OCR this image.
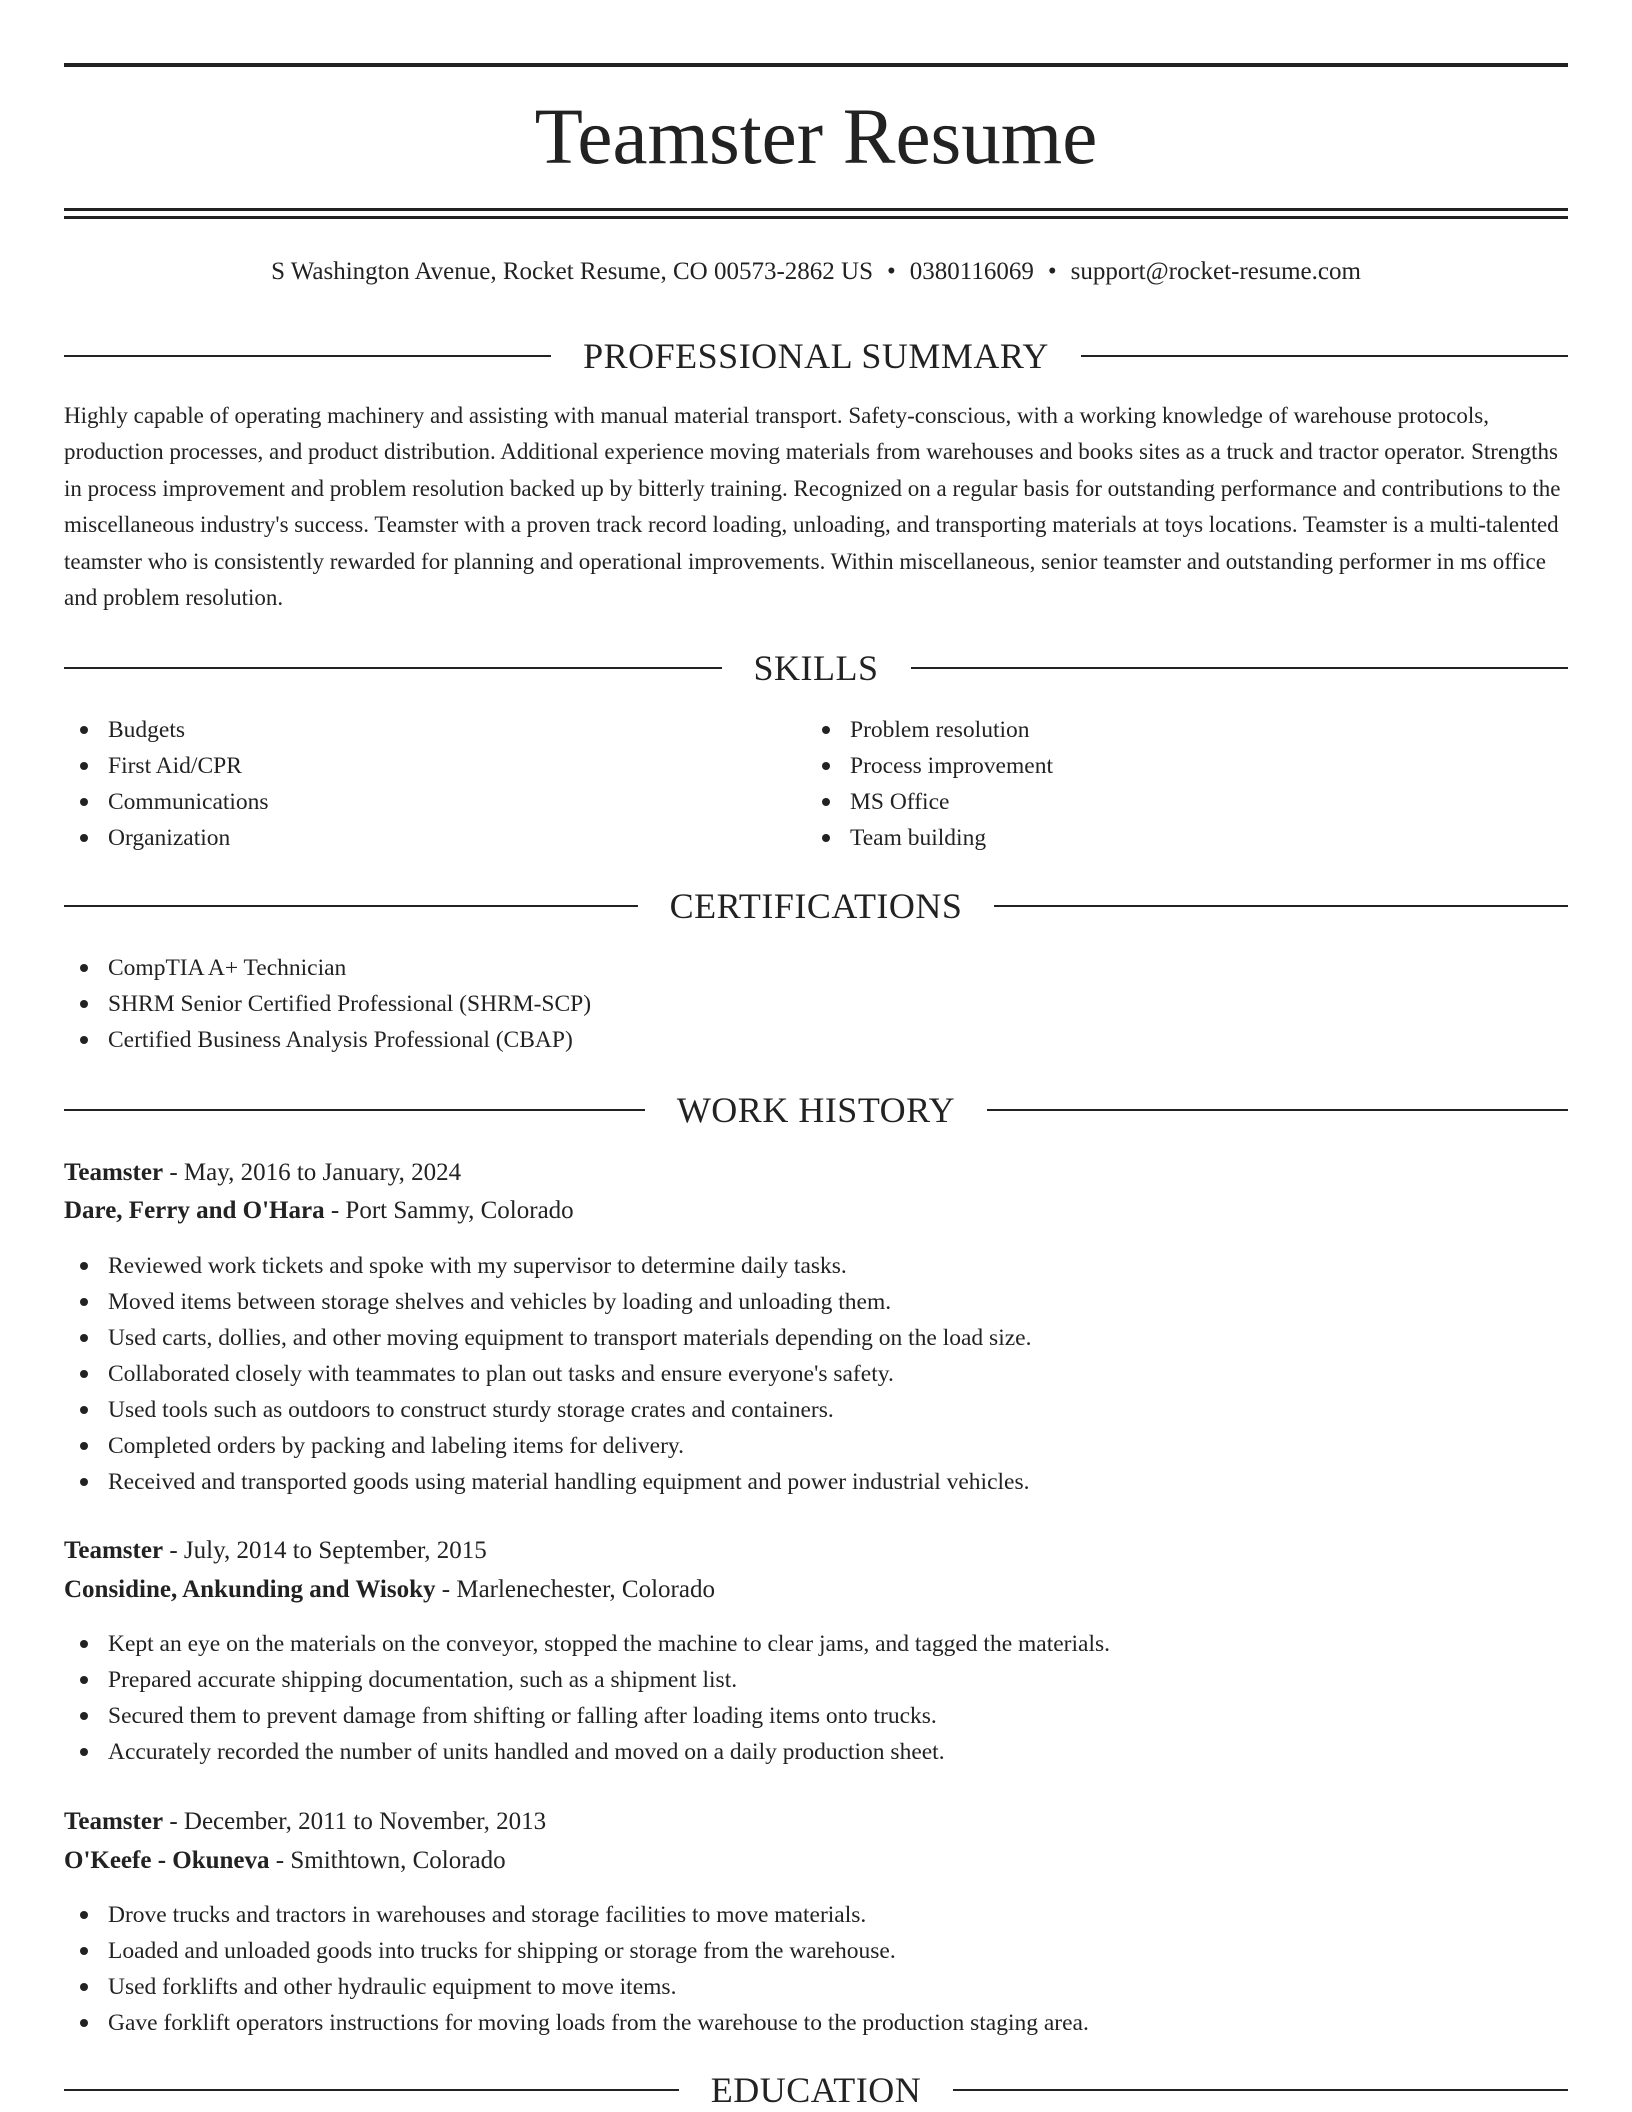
Teamster Resume
S Washington Avenue, Rocket Resume, CO 00573-2862 US • 0380116069 • support@rocket-resume.com
PROFESSIONAL SUMMARY

Highly capable of operating machinery and assisting with manual material transport. Safety-conscious, with a working knowledge of warehouse protocols, production processes, and product distribution. Additional experience moving materials from warehouses and books sites as a truck and tractor operator. Strengths in process improvement and problem resolution backed up by bitterly training. Recognized on a regular basis for outstanding performance and contributions to the miscellaneous industry's success. Teamster with a proven track record loading, unloading, and transporting materials at toys locations. Teamster is a multi-talented teamster who is consistently rewarded for planning and operational improvements. Within miscellaneous, senior teamster and outstanding performer in ms office and problem resolution.

SKILLS
Budgets
First Aid/CPR
Communications
Organization
Problem resolution
Process improvement
MS Office
Team building
CERTIFICATIONS
CompTIA A+ Technician
SHRM Senior Certified Professional (SHRM-SCP)
Certified Business Analysis Professional (CBAP)
WORK HISTORY
Teamster - May, 2016 to January, 2024
Dare, Ferry and O'Hara - Port Sammy, Colorado
Reviewed work tickets and spoke with my supervisor to determine daily tasks.
Moved items between storage shelves and vehicles by loading and unloading them.
Used carts, dollies, and other moving equipment to transport materials depending on the load size.
Collaborated closely with teammates to plan out tasks and ensure everyone's safety.
Used tools such as outdoors to construct sturdy storage crates and containers.
Completed orders by packing and labeling items for delivery.
Received and transported goods using material handling equipment and power industrial vehicles.
Teamster - July, 2014 to September, 2015
Considine, Ankunding and Wisoky - Marlenechester, Colorado
Kept an eye on the materials on the conveyor, stopped the machine to clear jams, and tagged the materials.
Prepared accurate shipping documentation, such as a shipment list.
Secured them to prevent damage from shifting or falling after loading items onto trucks.
Accurately recorded the number of units handled and moved on a daily production sheet.
Teamster - December, 2011 to November, 2013
O'Keefe - Okuneva - Smithtown, Colorado
Drove trucks and tractors in warehouses and storage facilities to move materials.
Loaded and unloaded goods into trucks for shipping or storage from the warehouse.
Used forklifts and other hydraulic equipment to move items.
Gave forklift operators instructions for moving loads from the warehouse to the production staging area.
EDUCATION
